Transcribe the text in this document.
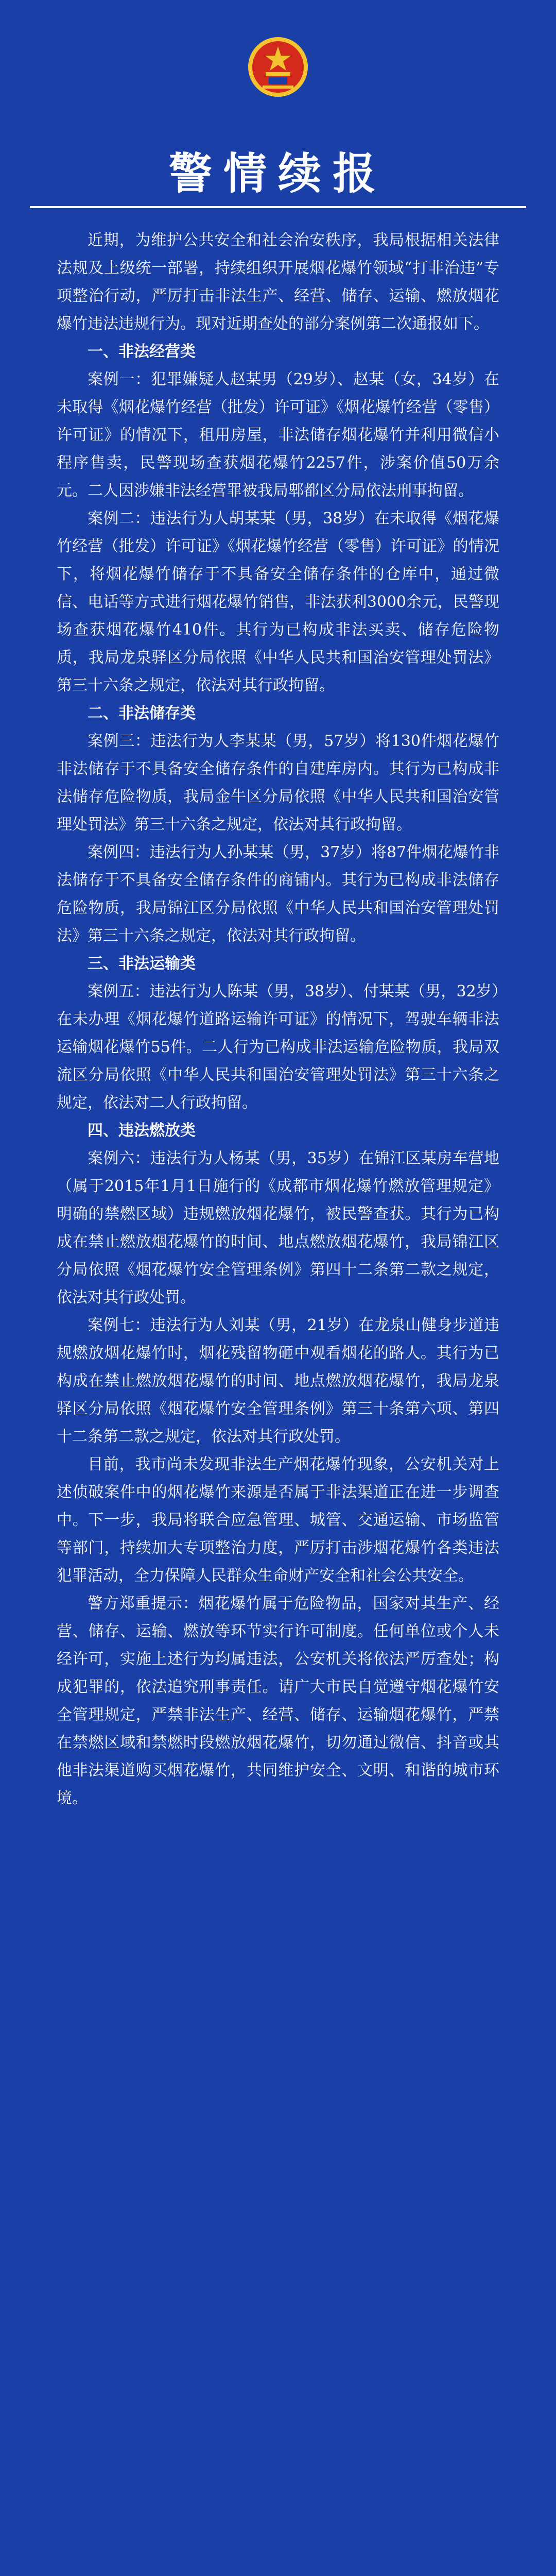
警情续报

近期，为维护公共安全和社会治安秩序，我局根据相关法律法规及上级统一部署，持续组织开展烟花爆竹领域“打非治违”专项整治行动，严厉打击非法生产、经营、储存、运输、燃放烟花爆竹违法违规行为。现对近期查处的部分案例第二次通报如下。

一、非法经营类

案例一：犯罪嫌疑人赵某男（29岁）、赵某（女，34岁）在未取得《烟花爆竹经营（批发）许可证》《烟花爆竹经营（零售）许可证》的情况下，租用房屋，非法储存烟花爆竹并利用微信小程序售卖，民警现场查获烟花爆竹2257件，涉案价值50万余元。二人因涉嫌非法经营罪被我局郫都区分局依法刑事拘留。

案例二：违法行为人胡某某（男，38岁）在未取得《烟花爆竹经营（批发）许可证》《烟花爆竹经营（零售）许可证》的情况下，将烟花爆竹储存于不具备安全储存条件的仓库中，通过微信、电话等方式进行烟花爆竹销售，非法获利3000余元，民警现场查获烟花爆竹410件。其行为已构成非法买卖、储存危险物质，我局龙泉驿区分局依照《中华人民共和国治安管理处罚法》第三十六条之规定，依法对其行政拘留。

二、非法储存类

案例三：违法行为人李某某（男，57岁）将130件烟花爆竹非法储存于不具备安全储存条件的自建库房内。其行为已构成非法储存危险物质，我局金牛区分局依照《中华人民共和国治安管理处罚法》第三十六条之规定，依法对其行政拘留。

案例四：违法行为人孙某某（男，37岁）将87件烟花爆竹非法储存于不具备安全储存条件的商铺内。其行为已构成非法储存危险物质，我局锦江区分局依照《中华人民共和国治安管理处罚法》第三十六条之规定，依法对其行政拘留。

三、非法运输类

案例五：违法行为人陈某（男，38岁）、付某某（男，32岁）在未办理《烟花爆竹道路运输许可证》的情况下，驾驶车辆非法运输烟花爆竹55件。二人行为已构成非法运输危险物质，我局双流区分局依照《中华人民共和国治安管理处罚法》第三十六条之规定，依法对二人行政拘留。

四、违法燃放类

案例六：违法行为人杨某（男，35岁）在锦江区某房车营地（属于2015年1月1日施行的《成都市烟花爆竹燃放管理规定》明确的禁燃区域）违规燃放烟花爆竹，被民警查获。其行为已构成在禁止燃放烟花爆竹的时间、地点燃放烟花爆竹，我局锦江区分局依照《烟花爆竹安全管理条例》第四十二条第二款之规定，依法对其行政处罚。

案例七：违法行为人刘某（男，21岁）在龙泉山健身步道违规燃放烟花爆竹时，烟花残留物砸中观看烟花的路人。其行为已构成在禁止燃放烟花爆竹的时间、地点燃放烟花爆竹，我局龙泉驿区分局依照《烟花爆竹安全管理条例》第三十条第六项、第四十二条第二款之规定，依法对其行政处罚。

目前，我市尚未发现非法生产烟花爆竹现象，公安机关对上述侦破案件中的烟花爆竹来源是否属于非法渠道正在进一步调查中。下一步，我局将联合应急管理、城管、交通运输、市场监管等部门，持续加大专项整治力度，严厉打击涉烟花爆竹各类违法犯罪活动，全力保障人民群众生命财产安全和社会公共安全。

警方郑重提示：烟花爆竹属于危险物品，国家对其生产、经营、储存、运输、燃放等环节实行许可制度。任何单位或个人未经许可，实施上述行为均属违法，公安机关将依法严厉查处；构成犯罪的，依法追究刑事责任。请广大市民自觉遵守烟花爆竹安全管理规定，严禁非法生产、经营、储存、运输烟花爆竹，严禁在禁燃区域和禁燃时段燃放烟花爆竹，切勿通过微信、抖音或其他非法渠道购买烟花爆竹，共同维护安全、文明、和谐的城市环境。
